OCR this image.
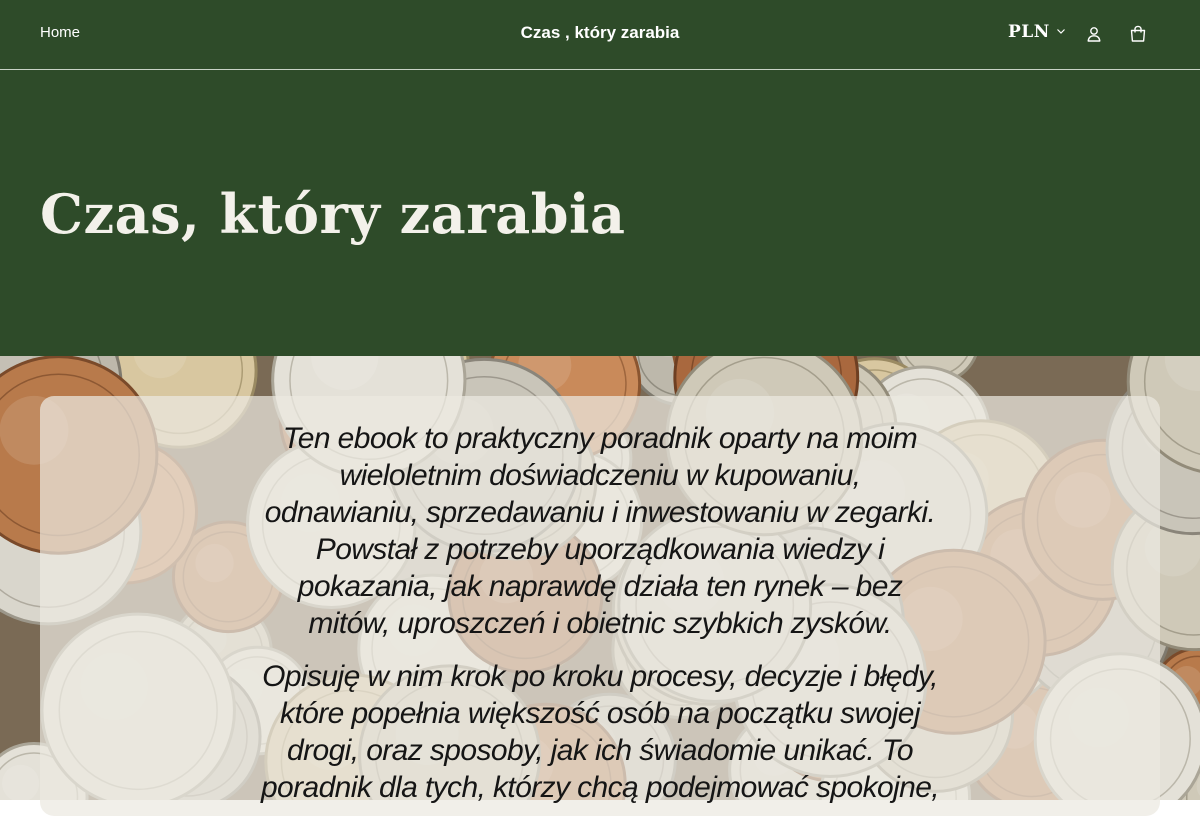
Home	Czas , który zarabia	PLN
Czas, który zarabia

Ten ebook to praktyczny poradnik oparty na moim wieloletnim doświadczeniu w kupowaniu, odnawianiu, sprzedawaniu i inwestowaniu w zegarki. Powstał z potrzeby uporządkowania wiedzy i pokazania, jak naprawdę działa ten rynek – bez mitów, uproszczeń i obietnic szybkich zysków.

Opisuję w nim krok po kroku procesy, decyzje i błędy, które popełnia większość osób na początku swojej drogi, oraz sposoby, jak ich świadomie unikać. To poradnik dla tych, którzy chcą podejmować spokojne,
